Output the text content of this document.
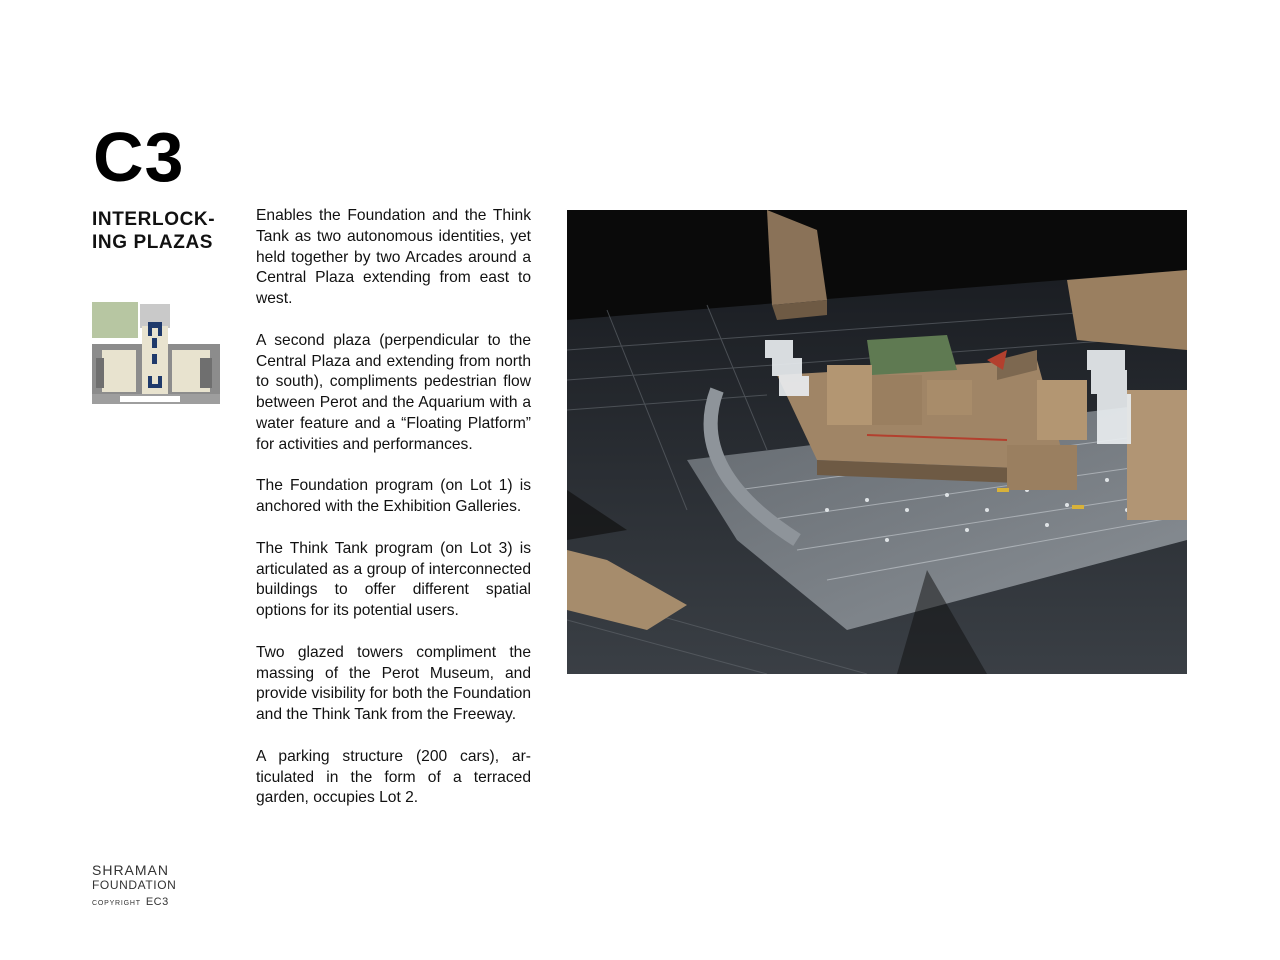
C3
INTERLOCK-
ING PLAZAS

Enables the Foundation and the Think Tank as two autonomous identities, yet held together by two Arcades around a Central Plaza extending from east to west.

A second plaza (perpendicular to the Central Plaza and extending from north to south), compliments pedestrian flow between Perot and the Aquarium with a water feature and a “Floating Platform” for activities and performances.

The Foundation program (on Lot 1) is anchored with the Exhibition Galleries.

The Think Tank program (on Lot 3) is articulated as a group of interconnected buildings to offer different spatial options for its potential users.

Two glazed towers compliment the massing of the Perot Museum, and provide visibility for both the Foundation and the Think Tank from the Freeway.

A parking structure (200 cars), articulated in the form of a terraced garden, occupies Lot 2.

SHRAMAN
FOUNDATION
COPYRIGHT EC3
